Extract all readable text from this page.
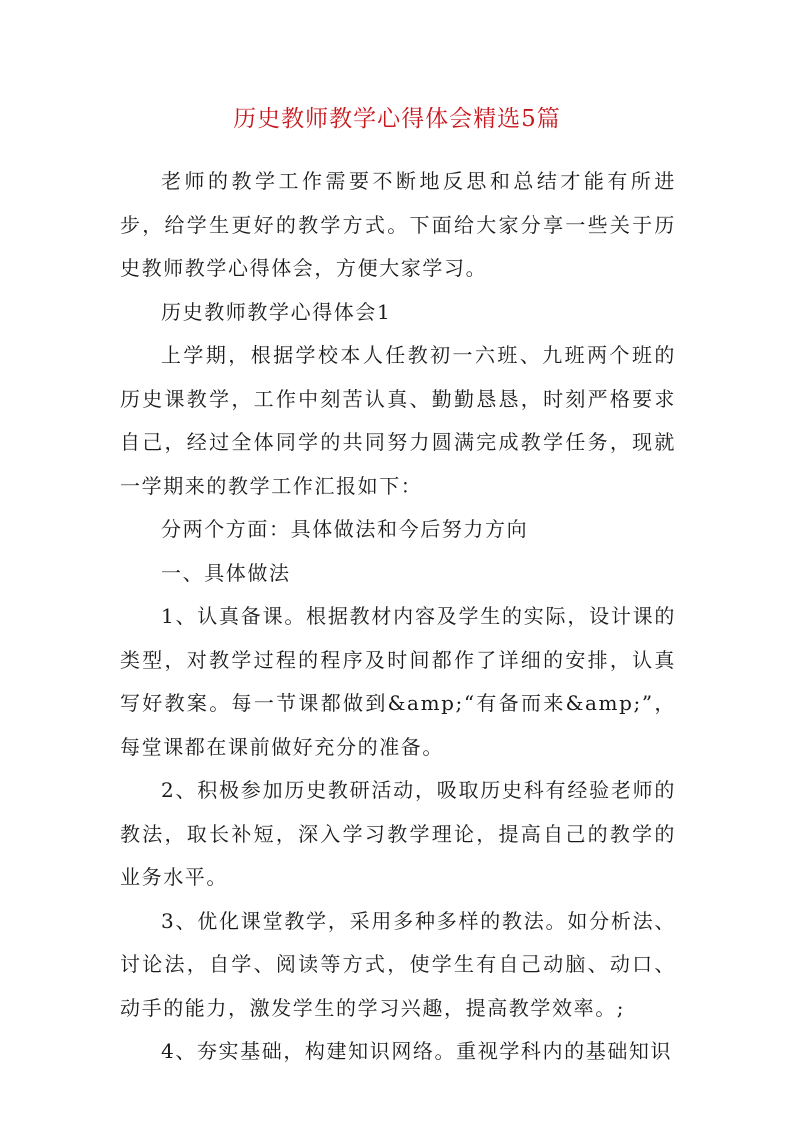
历史教师教学心得体会精选5篇

老师的教学工作需要不断地反思和总结才能有所进步，给学生更好的教学方式。下面给大家分享一些关于历史教师教学心得体会，方便大家学习。

历史教师教学心得体会1

上学期，根据学校本人任教初一六班、九班两个班的历史课教学，工作中刻苦认真、勤勤恳恳，时刻严格要求自己，经过全体同学的共同努力圆满完成教学任务，现就一学期来的教学工作汇报如下：

分两个方面：具体做法和今后努力方向

一、具体做法

1、认真备课。根据教材内容及学生的实际，设计课的类型，对教学过程的程序及时间都作了详细的安排，认真写好教案。每一节课都做到&amp;“有备而来&amp;”，每堂课都在课前做好充分的准备。

2、积极参加历史教研活动，吸取历史科有经验老师的教法，取长补短，深入学习教学理论，提高自己的教学的业务水平。

3、优化课堂教学，采用多种多样的教法。如分析法、讨论法，自学、阅读等方式，使学生有自己动脑、动口、动手的能力，激发学生的学习兴趣，提高教学效率。;

4、夯实基础，构建知识网络。重视学科内的基础知识
